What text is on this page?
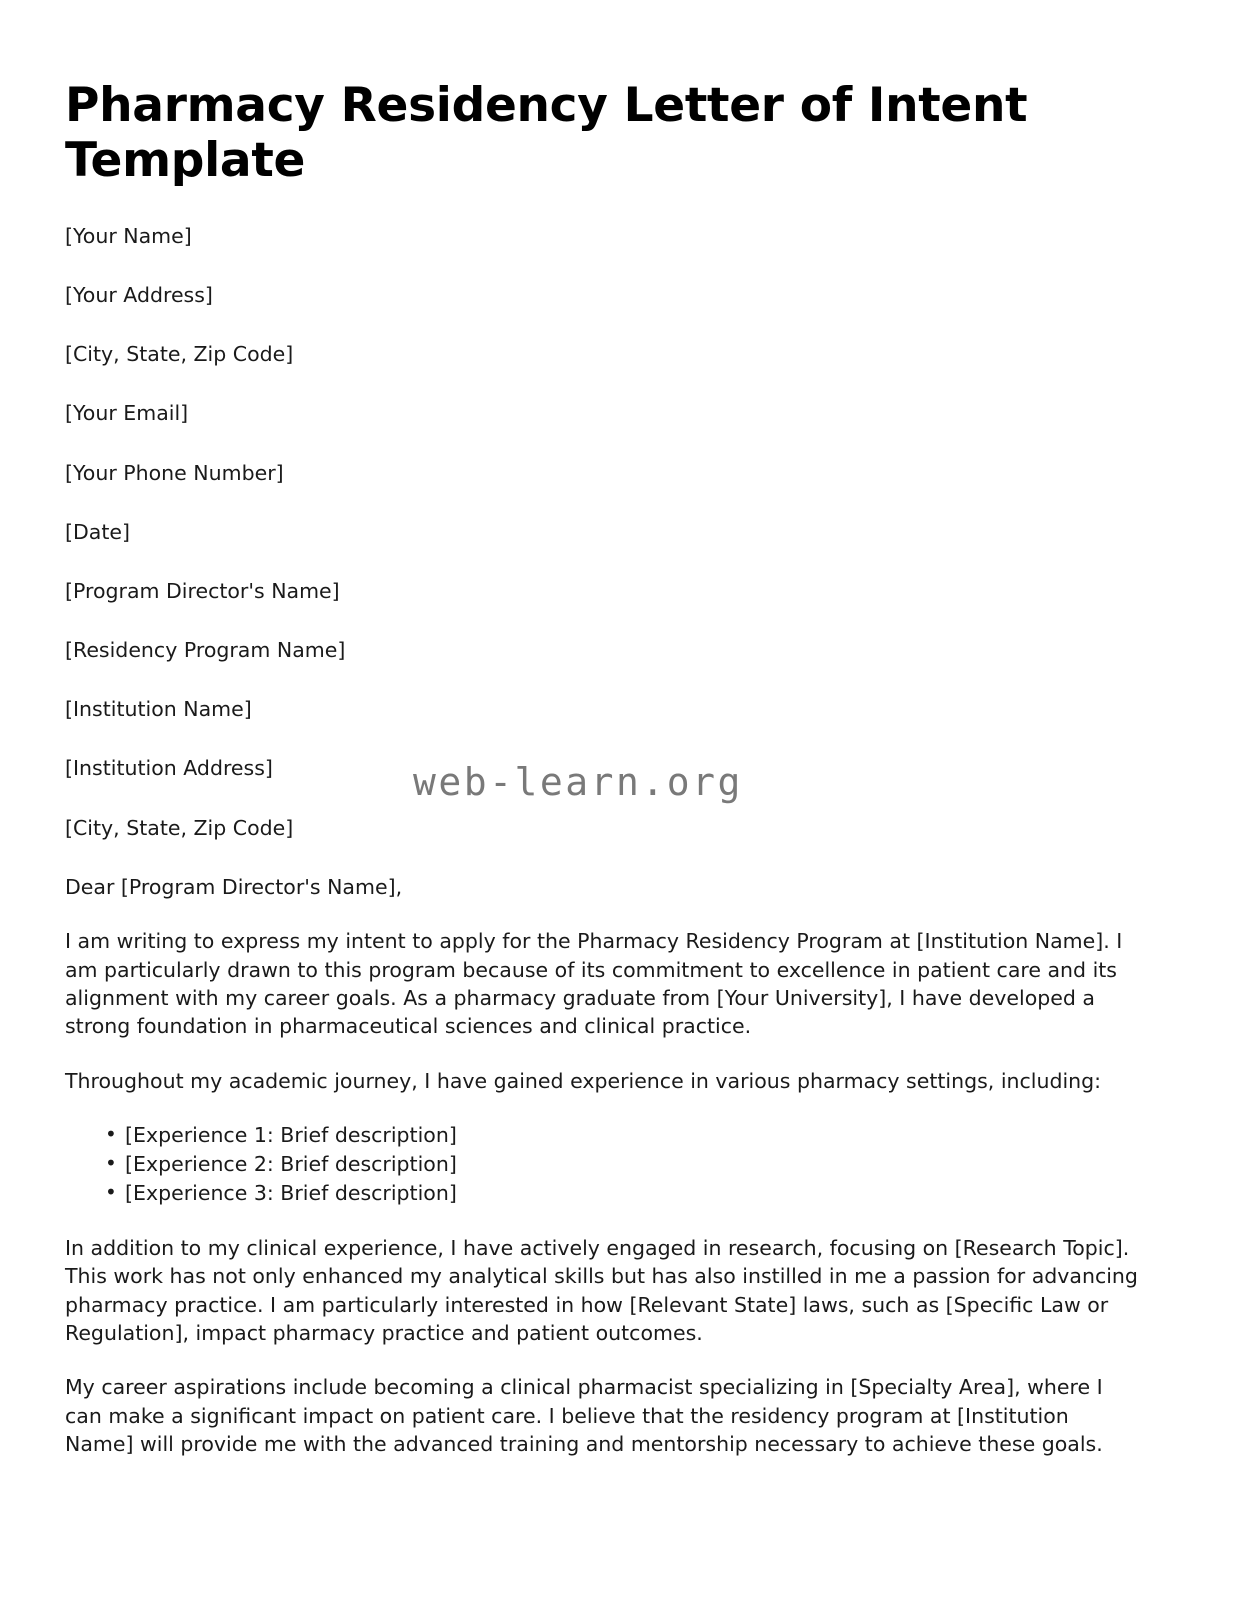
Pharmacy Residency Letter of Intent Template

[Your Name]

[Your Address]

[City, State, Zip Code]

[Your Email]

[Your Phone Number]

[Date]

[Program Director's Name]

[Residency Program Name]

[Institution Name]

[Institution Address]

[City, State, Zip Code]

Dear [Program Director's Name],

I am writing to express my intent to apply for the Pharmacy Residency Program at [Institution Name]. I am particularly drawn to this program because of its commitment to excellence in patient care and its alignment with my career goals. As a pharmacy graduate from [Your University], I have developed a strong foundation in pharmaceutical sciences and clinical practice.

Throughout my academic journey, I have gained experience in various pharmacy settings, including:

• [Experience 1: Brief description]
• [Experience 2: Brief description]
• [Experience 3: Brief description]

In addition to my clinical experience, I have actively engaged in research, focusing on [Research Topic]. This work has not only enhanced my analytical skills but has also instilled in me a passion for advancing pharmacy practice. I am particularly interested in how [Relevant State] laws, such as [Specific Law or Regulation], impact pharmacy practice and patient outcomes.

My career aspirations include becoming a clinical pharmacist specializing in [Specialty Area], where I can make a significant impact on patient care. I believe that the residency program at [Institution Name] will provide me with the advanced training and mentorship necessary to achieve these goals.

web-learn.org
